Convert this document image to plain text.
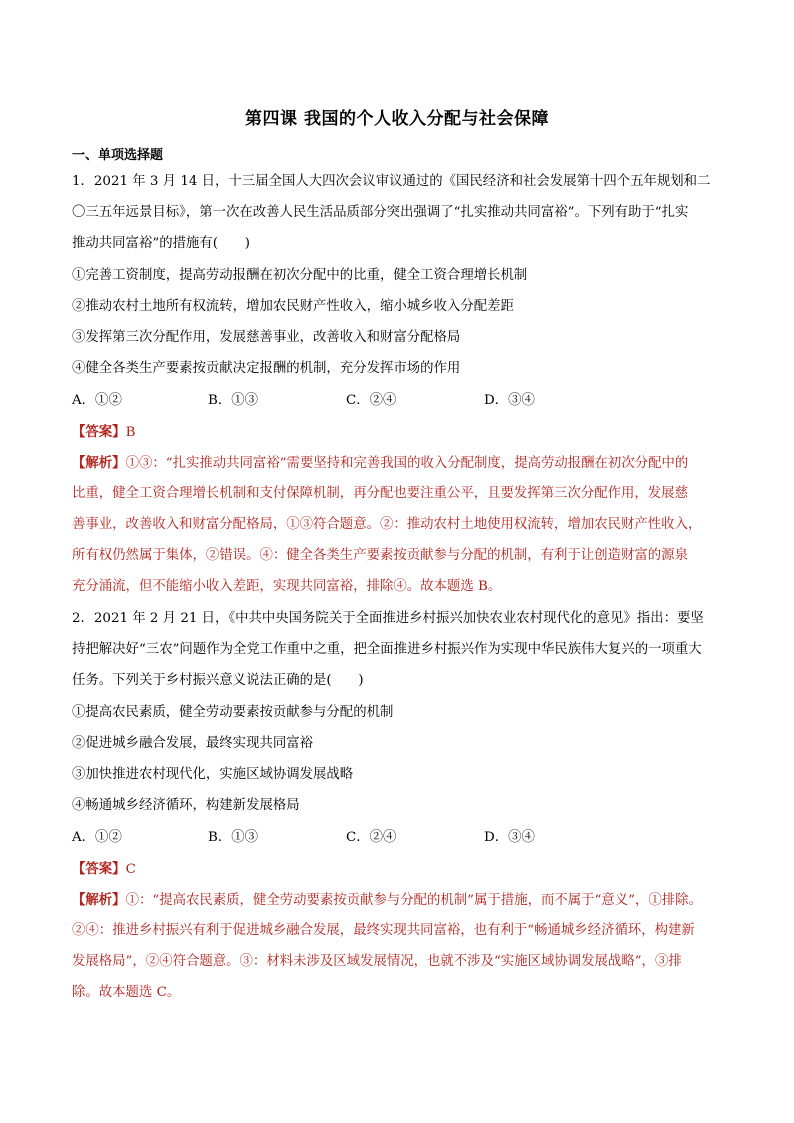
第四课 我国的个人收入分配与社会保障
一、单项选择题
1．2021 年 3 月 14 日，十三届全国人大四次会议审议通过的《国民经济和社会发展第十四个五年规划和二
〇三五年远景目标》，第一次在改善人民生活品质部分突出强调了“扎实推动共同富裕”。下列有助于“扎实
推动共同富裕”的措施有(　　)
①完善工资制度，提高劳动报酬在初次分配中的比重，健全工资合理增长机制
②推动农村土地所有权流转，增加农民财产性收入，缩小城乡收入分配差距
③发挥第三次分配作用，发展慈善事业，改善收入和财富分配格局
④健全各类生产要素按贡献决定报酬的机制，充分发挥市场的作用
A．①②	B．①③	C．②④	D．③④
【答案】B
【解析】①③：“扎实推动共同富裕”需要坚持和完善我国的收入分配制度，提高劳动报酬在初次分配中的
比重，健全工资合理增长机制和支付保障机制，再分配也要注重公平，且要发挥第三次分配作用，发展慈
善事业，改善收入和财富分配格局，①③符合题意。②：推动农村土地使用权流转，增加农民财产性收入，
所有权仍然属于集体，②错误。④：健全各类生产要素按贡献参与分配的机制，有利于让创造财富的源泉
充分涌流，但不能缩小收入差距，实现共同富裕，排除④。故本题选 B。
2．2021 年 2 月 21 日，《中共中央国务院关于全面推进乡村振兴加快农业农村现代化的意见》指出：要坚
持把解决好“三农”问题作为全党工作重中之重，把全面推进乡村振兴作为实现中华民族伟大复兴的一项重大
任务。下列关于乡村振兴意义说法正确的是(　　)
①提高农民素质，健全劳动要素按贡献参与分配的机制
②促进城乡融合发展，最终实现共同富裕
③加快推进农村现代化，实施区域协调发展战略
④畅通城乡经济循环，构建新发展格局
A．①②	B．①③	C．②④	D．③④
【答案】C
【解析】①：“提高农民素质，健全劳动要素按贡献参与分配的机制”属于措施，而不属于“意义”，①排除。
②④：推进乡村振兴有利于促进城乡融合发展，最终实现共同富裕，也有利于“畅通城乡经济循环，构建新
发展格局”，②④符合题意。③：材料未涉及区域发展情况，也就不涉及“实施区域协调发展战略”，③排
除。故本题选 C。
